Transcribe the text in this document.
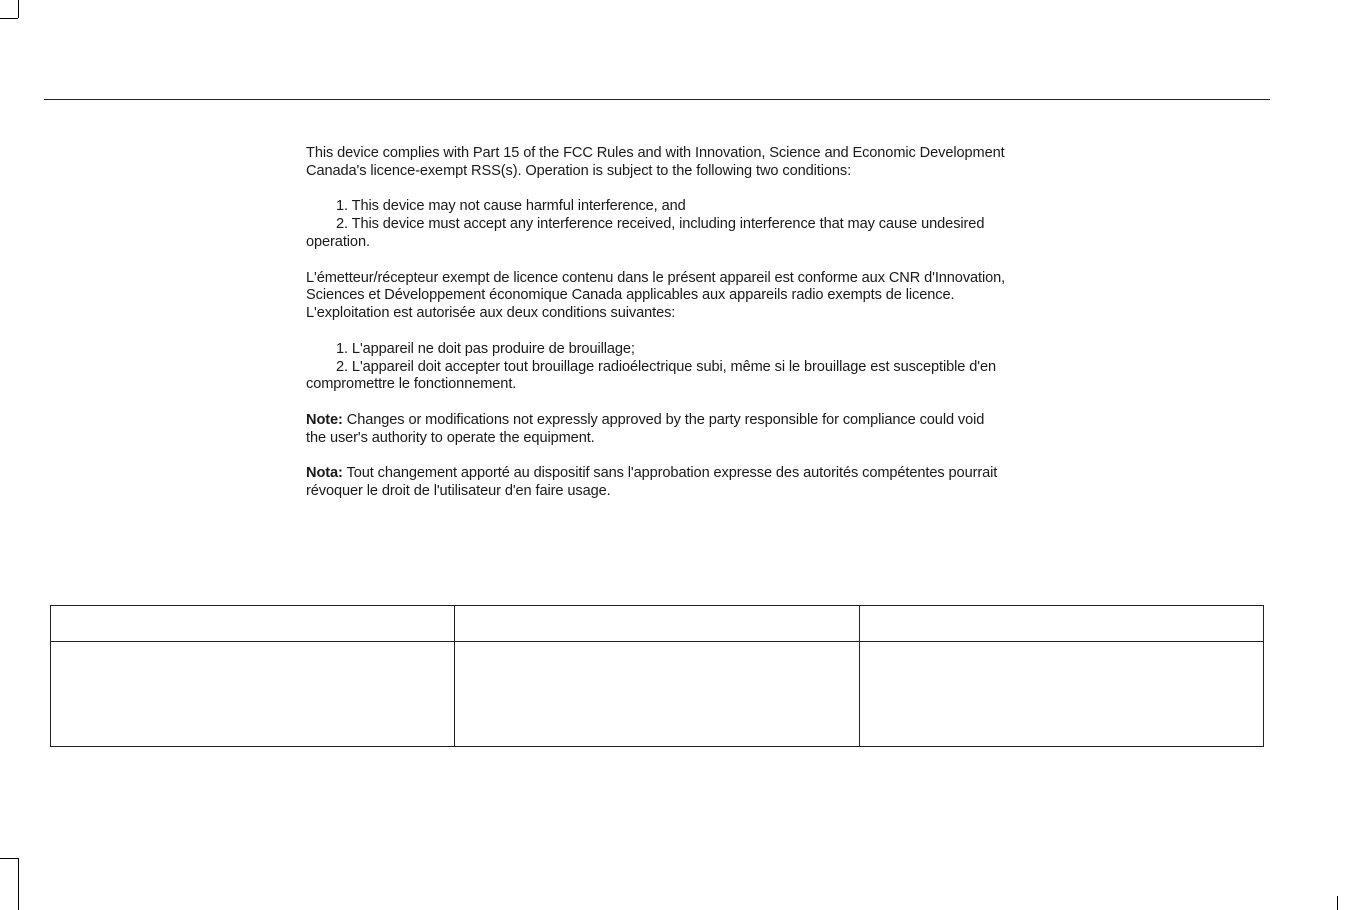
This device complies with Part 15 of the FCC Rules and with Innovation, Science and Economic Development Canada's licence-exempt RSS(s). Operation is subject to the following two conditions:

1. This device may not cause harmful interference, and
2. This device must accept any interference received, including interference that may cause undesired operation.

L'émetteur/récepteur exempt de licence contenu dans le présent appareil est conforme aux CNR d'Innovation, Sciences et Développement économique Canada applicables aux appareils radio exempts de licence. L'exploitation est autorisée aux deux conditions suivantes:

1. L'appareil ne doit pas produire de brouillage;
2. L'appareil doit accepter tout brouillage radioélectrique subi, même si le brouillage est susceptible d'en compromettre le fonctionnement.

Note: Changes or modifications not expressly approved by the party responsible for compliance could void the user's authority to operate the equipment.

Nota: Tout changement apporté au dispositif sans l'approbation expresse des autorités compétentes pourrait révoquer le droit de l'utilisateur d'en faire usage.
